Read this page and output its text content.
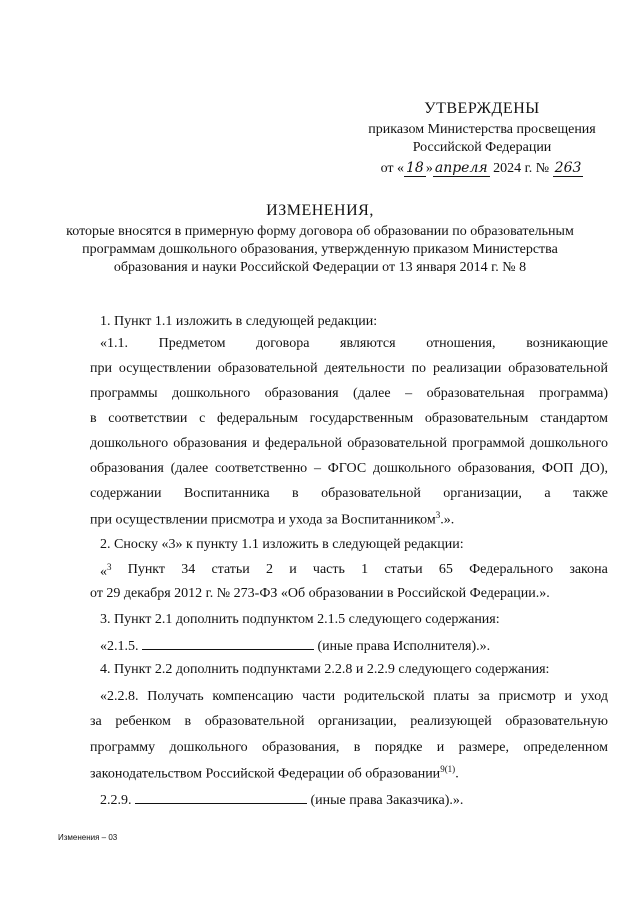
УТВЕРЖДЕНЫ
приказом Министерства просвещения
Российской Федерации
от « 18 » апреля 2024 г. № 263
ИЗМЕНЕНИЯ,
которые вносятся в примерную форму договора об образовании по образовательным
программам дошкольного образования, утвержденную приказом Министерства
образования и науки Российской Федерации от 13 января 2014 г. № 8
1. Пункт 1.1 изложить в следующей редакции:
«1.1. Предметом договора являются отношения, возникающие
при осуществлении образовательной деятельности по реализации образовательной
программы дошкольного образования (далее – образовательная программа)
в соответствии с федеральным государственным образовательным стандартом
дошкольного образования и федеральной образовательной программой дошкольного
образования (далее соответственно – ФГОС дошкольного образования, ФОП ДО),
содержании Воспитанника в образовательной организации, а также
при осуществлении присмотра и ухода за Воспитанником$^3$.».
2. Сноску «3» к пункту 1.1 изложить в следующей редакции:
«$^3$ Пункт 34 статьи 2 и часть 1 статьи 65 Федерального закона
от 29 декабря 2012 г. № 273-ФЗ «Об образовании в Российской Федерации.».
3. Пункт 2.1 дополнить подпунктом 2.1.5 следующего содержания:
«2.1.5.	(иные права Исполнителя).».
4. Пункт 2.2 дополнить подпунктами 2.2.8 и 2.2.9 следующего содержания:
«2.2.8. Получать компенсацию части родительской платы за присмотр и уход
за ребенком в образовательной организации, реализующей образовательную
программу дошкольного образования, в порядке и размере, определенном
законодательством Российской Федерации об образовании$^{9(1)}$.
2.2.9.	(иные права Заказчика).».
Изменения – 03
